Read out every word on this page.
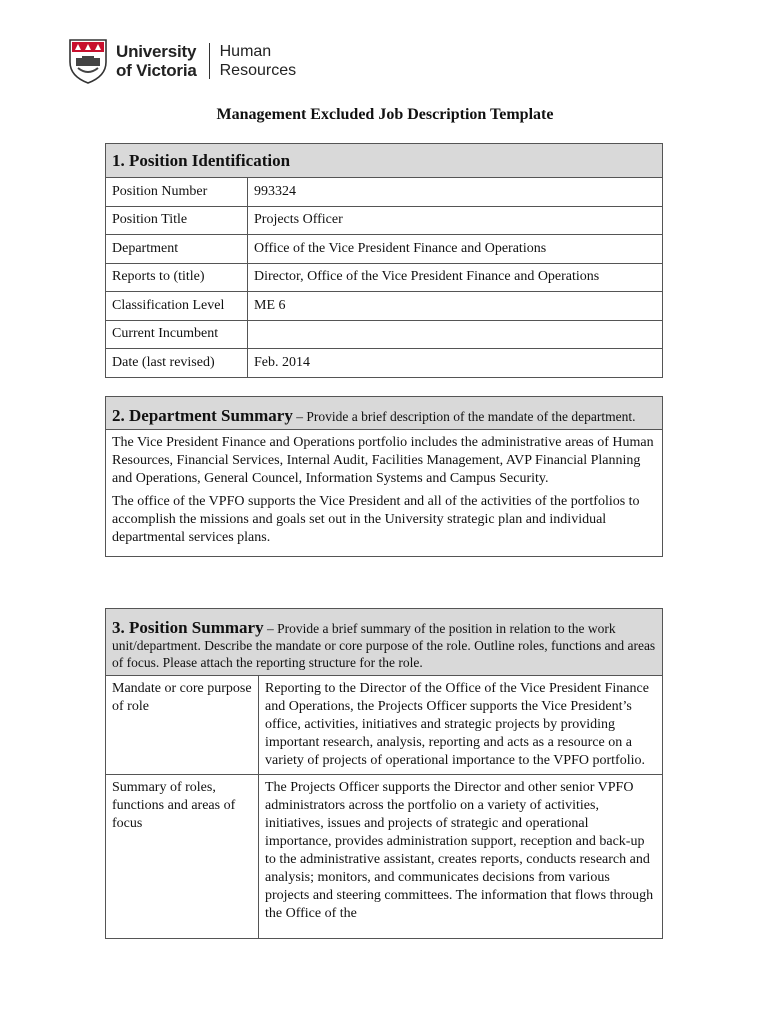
University
of Victoria
Human
Resources
Management Excluded Job Description Template
1. Position Identification	
Position Number	993324
Position Title	Projects Officer
Department	Office of the Vice President Finance and Operations
Reports to (title)	Director, Office of the Vice President Finance and Operations
Classification Level	ME 6
Current Incumbent	
Date (last revised)	Feb. 2014
2. Department Summary – Provide a brief description of the mandate of the department.

The Vice President Finance and Operations portfolio includes the administrative areas of Human Resources, Financial Services, Internal Audit, Facilities Management, AVP Financial Planning and Operations, General Councel, Information Systems and Campus Security.

The office of the VPFO supports the Vice President and all of the activities of the portfolios to accomplish the missions and goals set out in the University strategic plan and individual departmental services plans.

3. Position Summary – Provide a brief summary of the position in relation to the work unit/department. Describe the mandate or core purpose of the role. Outline roles, functions and areas of focus. Please attach the reporting structure for the role.	
Mandate or core purpose of role	Reporting to the Director of the Office of the Vice President Finance and Operations, the Projects Officer supports the Vice President’s office, activities, initiatives and strategic projects by providing important research, analysis, reporting and acts as a resource on a variety of projects of operational importance to the VPFO portfolio.
Summary of roles, functions and areas of focus	The Projects Officer supports the Director and other senior VPFO administrators across the portfolio on a variety of activities, initiatives, issues and projects of strategic and operational importance, provides administration support, reception and back-up to the administrative assistant, creates reports, conducts research and analysis; monitors, and communicates decisions from various projects and steering committees. The information that flows through the Office of the
